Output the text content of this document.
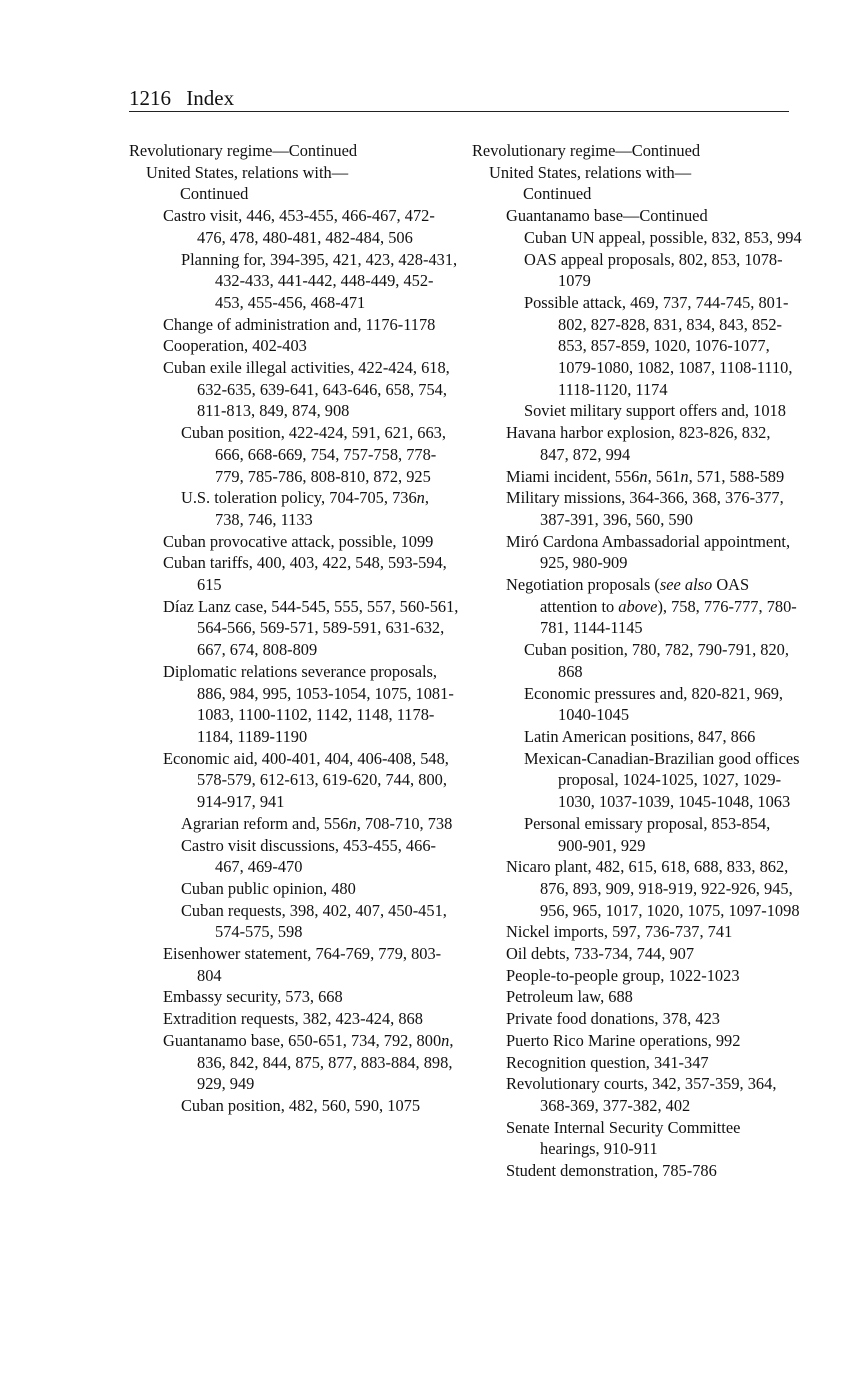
1216 Index

Revolutionary regime—Continued

United States, relations with—

Continued

Castro visit, 446, 453-455, 466-467, 472-476, 478, 480-481, 482-484, 506

Planning for, 394-395, 421, 423, 428-431, 432-433, 441-442, 448-449, 452-453, 455-456, 468-471

Change of administration and, 1176-1178

Cooperation, 402-403

Cuban exile illegal activities, 422-424, 618, 632-635, 639-641, 643-646, 658, 754, 811-813, 849, 874, 908

Cuban position, 422-424, 591, 621, 663, 666, 668-669, 754, 757-758, 778-779, 785-786, 808-810, 872, 925

U.S. toleration policy, 704-705, 736n, 738, 746, 1133

Cuban provocative attack, possible, 1099

Cuban tariffs, 400, 403, 422, 548, 593-594, 615

Díaz Lanz case, 544-545, 555, 557, 560-561, 564-566, 569-571, 589-591, 631-632, 667, 674, 808-809

Diplomatic relations severance proposals, 886, 984, 995, 1053-1054, 1075, 1081-1083, 1100-1102, 1142, 1148, 1178-1184, 1189-1190

Economic aid, 400-401, 404, 406-408, 548, 578-579, 612-613, 619-620, 744, 800, 914-917, 941

Agrarian reform and, 556n, 708-710, 738

Castro visit discussions, 453-455, 466-467, 469-470

Cuban public opinion, 480

Cuban requests, 398, 402, 407, 450-451, 574-575, 598

Eisenhower statement, 764-769, 779, 803-804

Embassy security, 573, 668

Extradition requests, 382, 423-424, 868

Guantanamo base, 650-651, 734, 792, 800n, 836, 842, 844, 875, 877, 883-884, 898, 929, 949

Cuban position, 482, 560, 590, 1075

Revolutionary regime—Continued

United States, relations with—

Continued

Guantanamo base—Continued

Cuban UN appeal, possible, 832, 853, 994

OAS appeal proposals, 802, 853, 1078-1079

Possible attack, 469, 737, 744-745, 801-802, 827-828, 831, 834, 843, 852-853, 857-859, 1020, 1076-1077, 1079-1080, 1082, 1087, 1108-1110, 1118-1120, 1174

Soviet military support offers and, 1018

Havana harbor explosion, 823-826, 832, 847, 872, 994

Miami incident, 556n, 561n, 571, 588-589

Military missions, 364-366, 368, 376-377, 387-391, 396, 560, 590

Miró Cardona Ambassadorial appointment, 925, 980-909

Negotiation proposals (see also OAS attention to above), 758, 776-777, 780-781, 1144-1145

Cuban position, 780, 782, 790-791, 820, 868

Economic pressures and, 820-821, 969, 1040-1045

Latin American positions, 847, 866

Mexican-Canadian-Brazilian good offices proposal, 1024-1025, 1027, 1029-1030, 1037-1039, 1045-1048, 1063

Personal emissary proposal, 853-854, 900-901, 929

Nicaro plant, 482, 615, 618, 688, 833, 862, 876, 893, 909, 918-919, 922-926, 945, 956, 965, 1017, 1020, 1075, 1097-1098

Nickel imports, 597, 736-737, 741

Oil debts, 733-734, 744, 907

People-to-people group, 1022-1023

Petroleum law, 688

Private food donations, 378, 423

Puerto Rico Marine operations, 992

Recognition question, 341-347

Revolutionary courts, 342, 357-359, 364, 368-369, 377-382, 402

Senate Internal Security Committee hearings, 910-911

Student demonstration, 785-786
